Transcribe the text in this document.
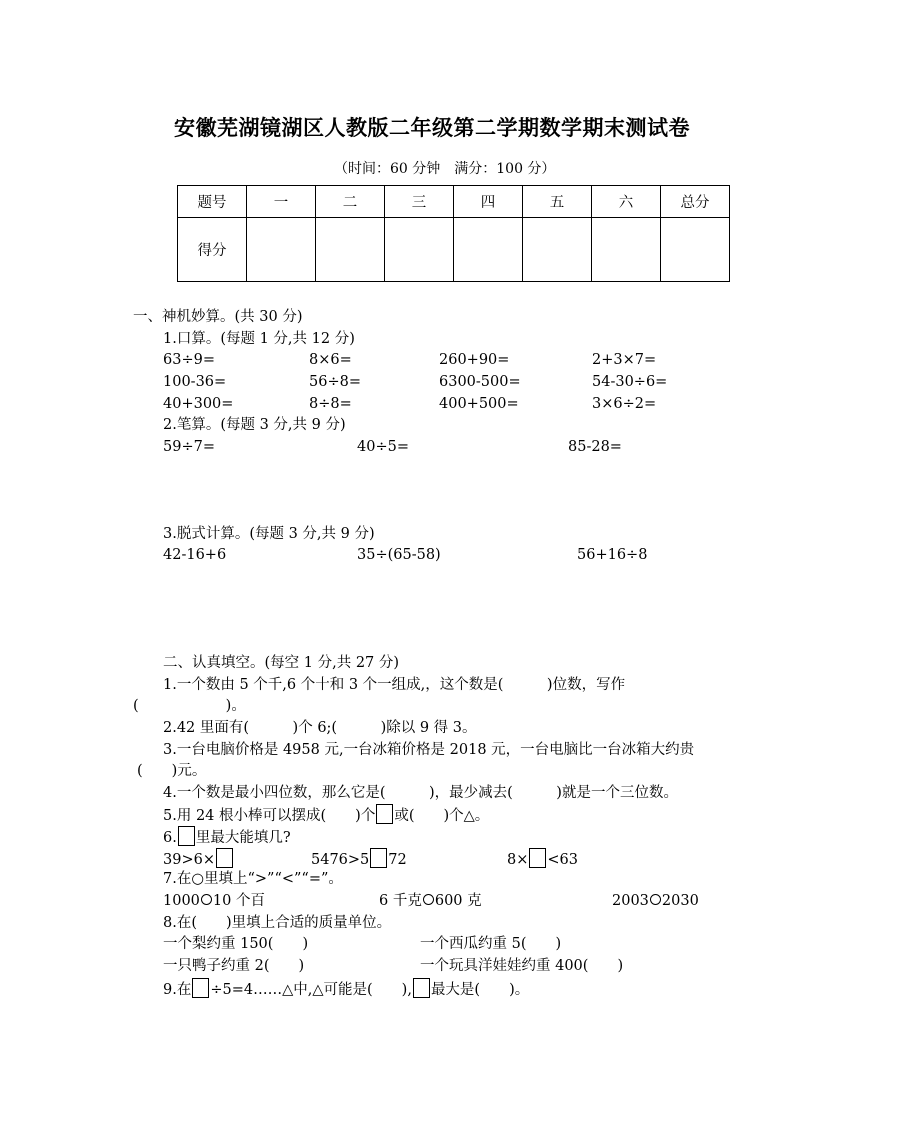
安徽芜湖镜湖区人教版二年级第二学期数学期末测试卷
（时间：60 分钟　满分：100 分）
题号	一	二	三	四	五	六	总分
得分							
一、神机妙算。(共 30 分)
1.口算。(每题 1 分,共 12 分)
63÷9=	8×6=	260+90=	2+3×7=
100-36=	56÷8=	6300-500=	54-30÷6=
40+300=	8÷8=	400+500=	3×6÷2=
2.笔算。(每题 3 分,共 9 分)
59÷7=	40÷5=	85-28=
3.脱式计算。(每题 3 分,共 9 分)
42-16+6	35÷(65-58)	56+16÷8
二、认真填空。(每空 1 分,共 27 分)
1.一个数由 5 个千,6 个十和 3 个一组成,，这个数是(　　　)位数，写作
(　　　　　　)。
2.42 里面有(　　　)个 6;(　　　)除以 9 得 3。
3.一台电脑价格是 4958 元,一台冰箱价格是 2018 元，一台电脑比一台冰箱大约贵
(　　)元。
4.一个数是最小四位数，那么它是(　　　)，最少减去(　　　)就是一个三位数。
5.用 24 根小棒可以摆成(　　)个 或(　　)个△。
6. 里最大能填几?
39>6×	5476>5 72	8× <63
7.在○里填上“>”“<”“=”。
1000 10 个百	6 千克 600 克	2003 2030
8.在(　　)里填上合适的质量单位。
一个梨约重 150(　　)	一个西瓜约重 5(　　)
一只鸭子约重 2(　　)	一个玩具洋娃娃约重 400(　　)
9.在 ÷5=4……△中,△可能是(　　), 最大是(　　)。
